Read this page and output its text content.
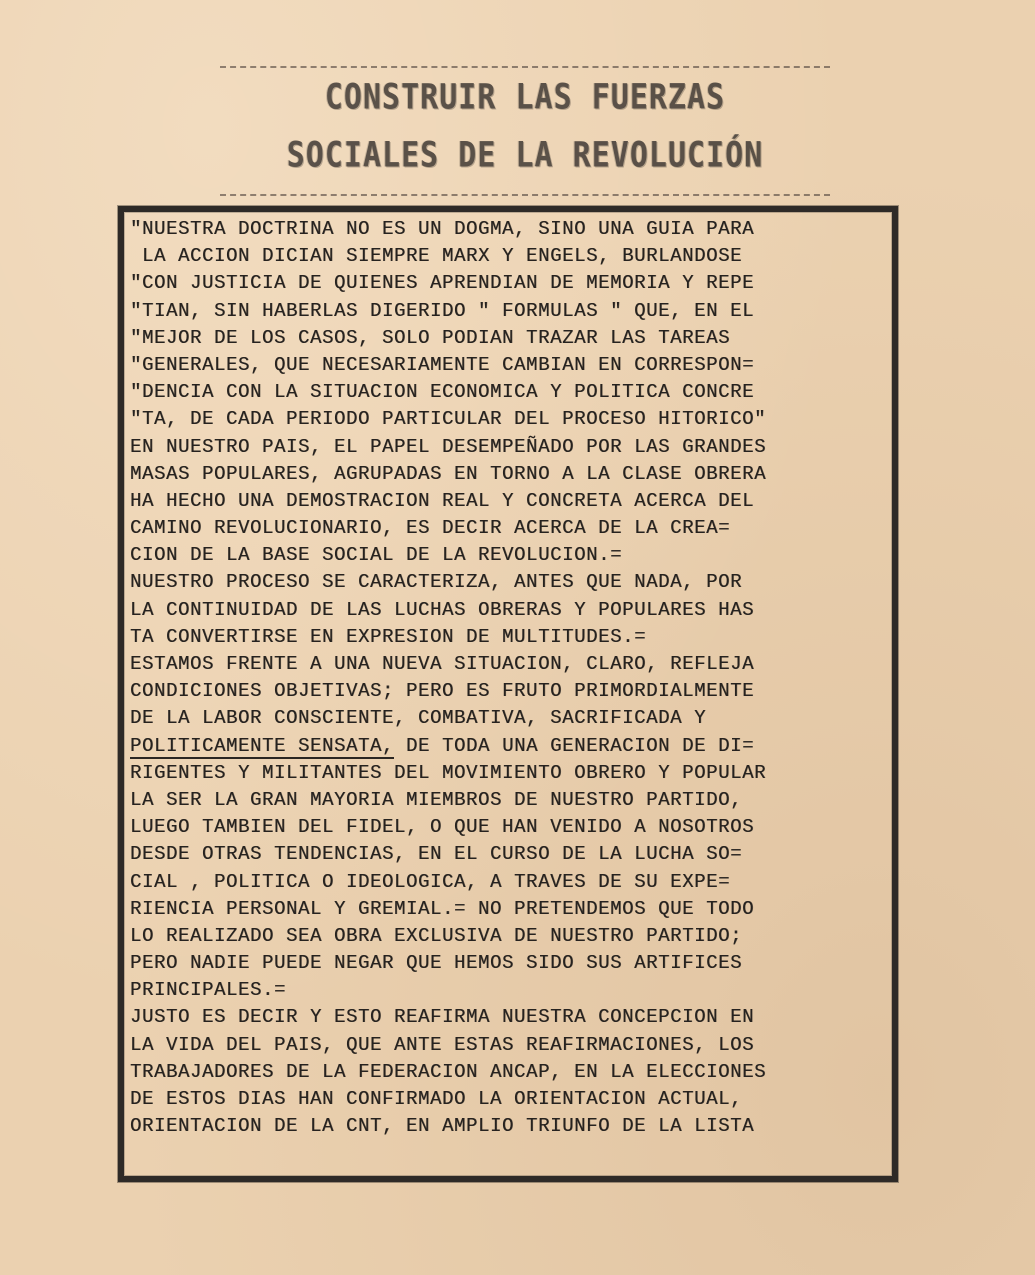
CONSTRUIR LAS FUERZAS
SOCIALES DE LA REVOLUCIÓN
"NUESTRA DOCTRINA NO ES UN DOGMA, SINO UNA GUIA PARA
LA ACCION DICIAN SIEMPRE MARX Y ENGELS, BURLANDOSE
"CON JUSTICIA DE QUIENES APRENDIAN DE MEMORIA Y REPE
"TIAN, SIN HABERLAS DIGERIDO " FORMULAS " QUE, EN EL
"MEJOR DE LOS CASOS, SOLO PODIAN TRAZAR LAS TAREAS
"GENERALES, QUE NECESARIAMENTE CAMBIAN EN CORRESPON=
"DENCIA CON LA SITUACION ECONOMICA Y POLITICA CONCRE
"TA, DE CADA PERIODO PARTICULAR DEL PROCESO HITORICO"
EN NUESTRO PAIS, EL PAPEL DESEMPEÑADO POR LAS GRANDES
MASAS POPULARES, AGRUPADAS EN TORNO A LA CLASE OBRERA
HA HECHO UNA DEMOSTRACION REAL Y CONCRETA ACERCA DEL
CAMINO REVOLUCIONARIO, ES DECIR ACERCA DE LA CREA=
CION DE LA BASE SOCIAL DE LA REVOLUCION.=
NUESTRO PROCESO SE CARACTERIZA, ANTES QUE NADA, POR
LA CONTINUIDAD DE LAS LUCHAS OBRERAS Y POPULARES HAS
TA CONVERTIRSE EN EXPRESION DE MULTITUDES.=
ESTAMOS FRENTE A UNA NUEVA SITUACION, CLARO, REFLEJA
CONDICIONES OBJETIVAS; PERO ES FRUTO PRIMORDIALMENTE
DE LA LABOR CONSCIENTE, COMBATIVA, SACRIFICADA Y
POLITICAMENTE SENSATA, DE TODA UNA GENERACION DE DI=
RIGENTES Y MILITANTES DEL MOVIMIENTO OBRERO Y POPULAR
LA SER LA GRAN MAYORIA MIEMBROS DE NUESTRO PARTIDO,
LUEGO TAMBIEN DEL FIDEL, O QUE HAN VENIDO A NOSOTROS
DESDE OTRAS TENDENCIAS, EN EL CURSO DE LA LUCHA SO=
CIAL , POLITICA O IDEOLOGICA, A TRAVES DE SU EXPE=
RIENCIA PERSONAL Y GREMIAL.= NO PRETENDEMOS QUE TODO
LO REALIZADO SEA OBRA EXCLUSIVA DE NUESTRO PARTIDO;
PERO NADIE PUEDE NEGAR QUE HEMOS SIDO SUS ARTIFICES
PRINCIPALES.=
JUSTO ES DECIR Y ESTO REAFIRMA NUESTRA CONCEPCION EN
LA VIDA DEL PAIS, QUE ANTE ESTAS REAFIRMACIONES, LOS
TRABAJADORES DE LA FEDERACION ANCAP, EN LA ELECCIONES
DE ESTOS DIAS HAN CONFIRMADO LA ORIENTACION ACTUAL,
ORIENTACION DE LA CNT, EN AMPLIO TRIUNFO DE LA LISTA
